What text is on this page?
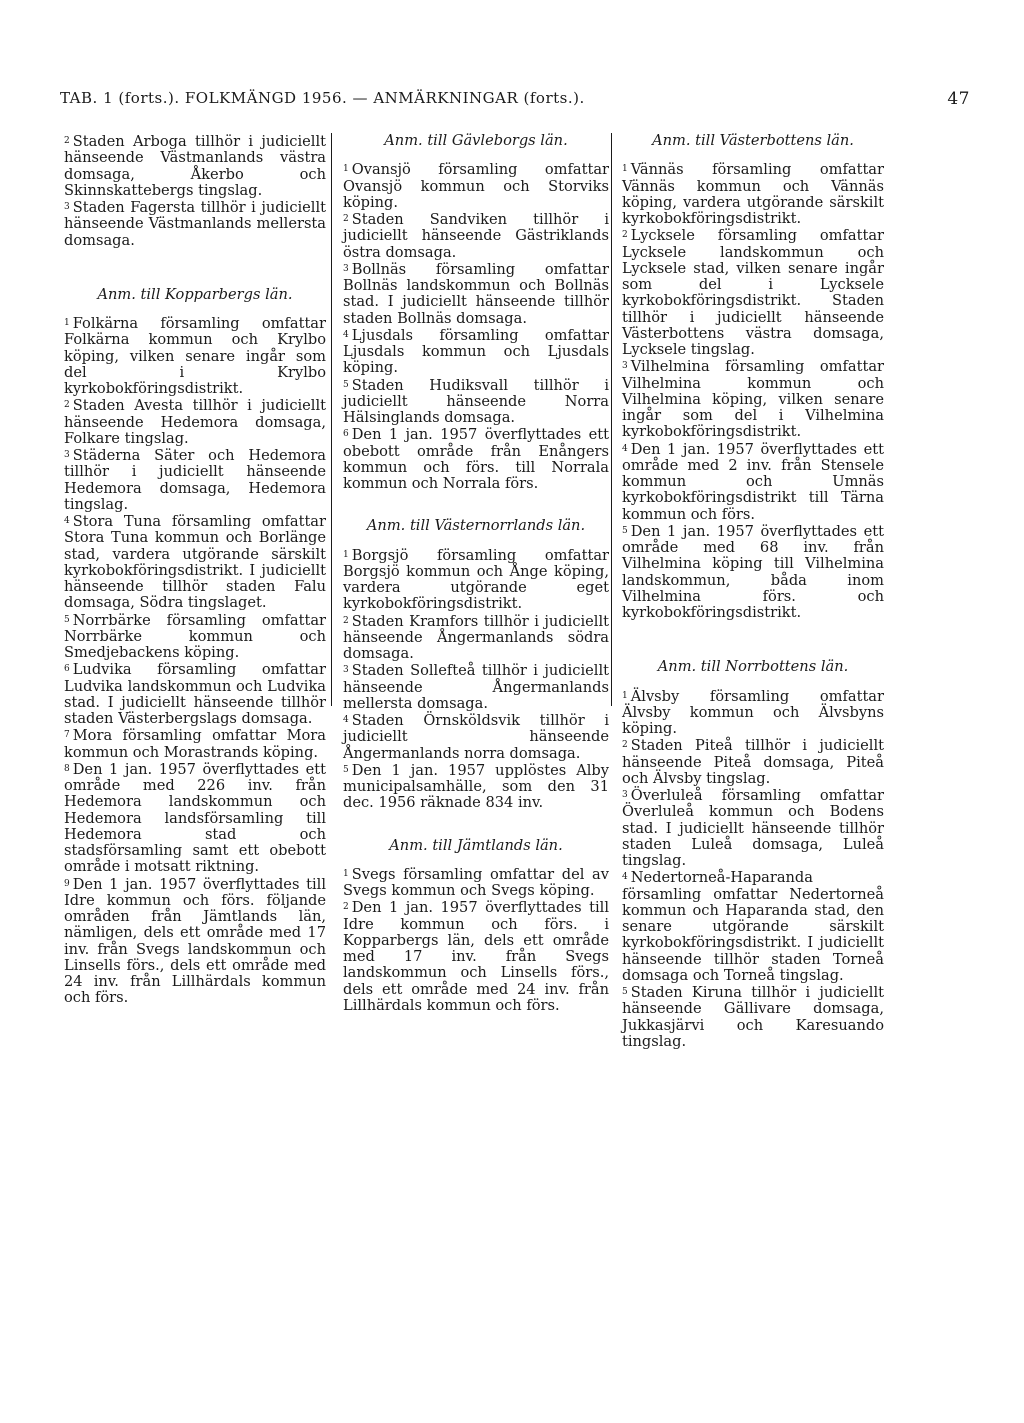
TAB. 1 (forts.). FOLKMÄNGD 1956. — ANMÄRKNINGAR (forts.).	47

$^2$ Staden Arboga tillhör i judiciellt hänseende Västmanlands västra domsaga, Åkerbo och Skinnskattebergs tingslag.

$^3$ Staden Fagersta tillhör i judiciellt hänseende Västmanlands mellersta domsaga.

Anm. till Kopparbergs län.

$^1$ Folkärna församling omfattar Folkärna kommun och Krylbo köping, vilken senare ingår som del i Krylbo kyrkobokföringsdistrikt.

$^2$ Staden Avesta tillhör i judiciellt hänseende Hedemora domsaga, Folkare tingslag.

$^3$ Städerna Säter och Hedemora tillhör i judiciellt hänseende Hedemora domsaga, Hedemora tingslag.

$^4$ Stora Tuna församling omfattar Stora Tuna kommun och Borlänge stad, vardera utgörande särskilt kyrkobokföringsdistrikt. I judiciellt hänseende tillhör staden Falu domsaga, Södra tingslaget.

$^5$ Norrbärke församling omfattar Norrbärke kommun och Smedjebackens köping.

$^6$ Ludvika församling omfattar Ludvika landskommun och Ludvika stad. I judiciellt hänseende tillhör staden Västerbergslags domsaga.

$^7$ Mora församling omfattar Mora kommun och Morastrands köping.

$^8$ Den 1 jan. 1957 överflyttades ett område med 226 inv. från Hedemora landskommun och Hedemora landsförsamling till Hedemora stad och stadsförsamling samt ett obebott område i motsatt riktning.

$^9$ Den 1 jan. 1957 överflyttades till Idre kommun och förs. följande områden från Jämtlands län, nämligen, dels ett område med 17 inv. från Svegs landskommun och Linsells förs., dels ett område med 24 inv. från Lillhärdals kommun och förs.

Anm. till Gävleborgs län.

$^1$ Ovansjö församling omfattar Ovansjö kommun och Storviks köping.

$^2$ Staden Sandviken tillhör i judiciellt hänseende Gästriklands östra domsaga.

$^3$ Bollnäs församling omfattar Bollnäs landskommun och Bollnäs stad. I judiciellt hänseende tillhör staden Bollnäs domsaga.

$^4$ Ljusdals församling omfattar Ljusdals kommun och Ljusdals köping.

$^5$ Staden Hudiksvall tillhör i judiciellt hänseende Norra Hälsinglands domsaga.

$^6$ Den 1 jan. 1957 överflyttades ett obebott område från Enångers kommun och förs. till Norrala kommun och Norrala förs.

Anm. till Västernorrlands län.

$^1$ Borgsjö församling omfattar Borgsjö kommun och Ånge köping, vardera utgörande eget kyrkobokföringsdistrikt.

$^2$ Staden Kramfors tillhör i judiciellt hänseende Ångermanlands södra domsaga.

$^3$ Staden Sollefteå tillhör i judiciellt hänseende Ångermanlands mellersta domsaga.

$^4$ Staden Örnsköldsvik tillhör i judiciellt hänseende Ångermanlands norra domsaga.

$^5$ Den 1 jan. 1957 upplöstes Alby municipalsamhälle, som den 31 dec. 1956 räknade 834 inv.

Anm. till Jämtlands län.

$^1$ Svegs församling omfattar del av Svegs kommun och Svegs köping.

$^2$ Den 1 jan. 1957 överflyttades till Idre kommun och förs. i Kopparbergs län, dels ett område med 17 inv. från Svegs landskommun och Linsells förs., dels ett område med 24 inv. från Lillhärdals kommun och förs.

Anm. till Västerbottens län.

$^1$ Vännäs församling omfattar Vännäs kommun och Vännäs köping, vardera utgörande särskilt kyrkobokföringsdistrikt.

$^2$ Lycksele församling omfattar Lycksele landskommun och Lycksele stad, vilken senare ingår som del i Lycksele kyrkobokföringsdistrikt. Staden tillhör i judiciellt hänseende Västerbottens västra domsaga, Lycksele tingslag.

$^3$ Vilhelmina församling omfattar Vilhelmina kommun och Vilhelmina köping, vilken senare ingår som del i Vilhelmina kyrkobokföringsdistrikt.

$^4$ Den 1 jan. 1957 överflyttades ett område med 2 inv. från Stensele kommun och Umnäs kyrkobokföringsdistrikt till Tärna kommun och förs.

$^5$ Den 1 jan. 1957 överflyttades ett område med 68 inv. från Vilhelmina köping till Vilhelmina landskommun, båda inom Vilhelmina förs. och kyrkobokföringsdistrikt.

Anm. till Norrbottens län.

$^1$ Älvsby församling omfattar Älvsby kommun och Älvsbyns köping.

$^2$ Staden Piteå tillhör i judiciellt hänseende Piteå domsaga, Piteå och Älvsby tingslag.

$^3$ Överluleå församling omfattar Överluleå kommun och Bodens stad. I judiciellt hänseende tillhör staden Luleå domsaga, Luleå tingslag.

$^4$ Nedertorneå-Haparanda församling omfattar Nedertorneå kommun och Haparanda stad, den senare utgörande särskilt kyrkobokföringsdistrikt. I judiciellt hänseende tillhör staden Torneå domsaga och Torneå tingslag.

$^5$ Staden Kiruna tillhör i judiciellt hänseende Gällivare domsaga, Jukkasjärvi och Karesuando tingslag.
